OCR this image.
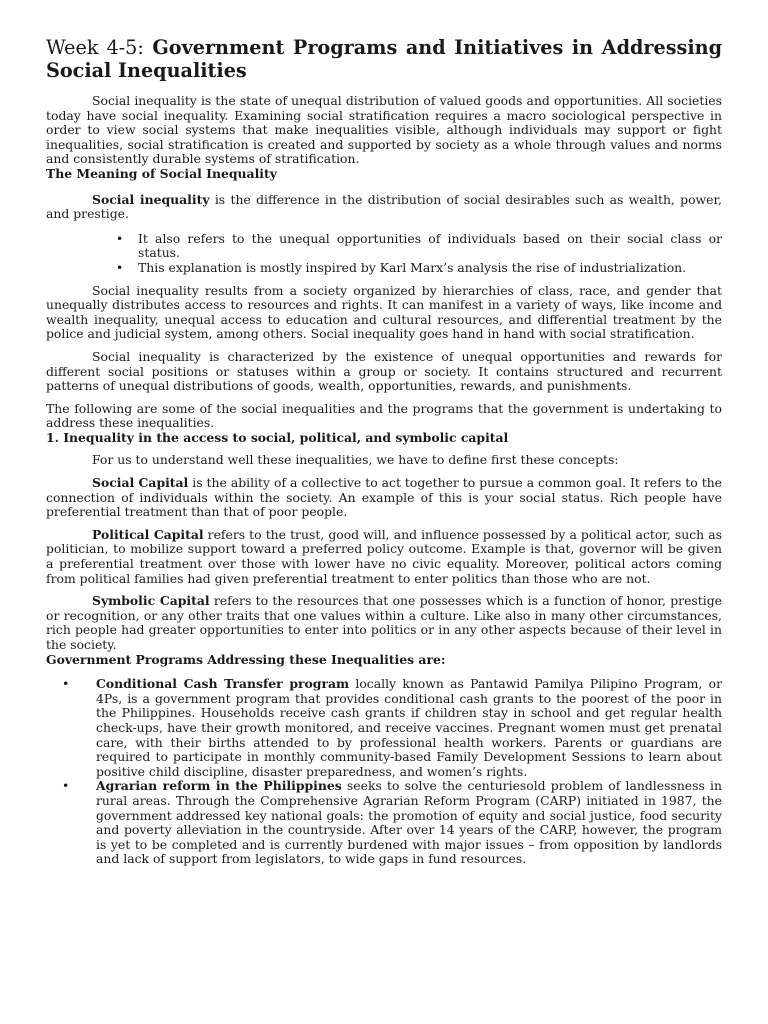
Week 4-5: Government Programs and Initiatives in Addressing Social Inequalities

Social inequality is the state of unequal distribution of valued goods and opportunities. All societies today have social inequality. Examining social stratification requires a macro sociological perspective in order to view social systems that make inequalities visible, although individuals may support or fight inequalities, social stratification is created and supported by society as a whole through values and norms and consistently durable systems of stratification.

The Meaning of Social Inequality

Social inequality is the difference in the distribution of social desirables such as wealth, power, and prestige.

• It also refers to the unequal opportunities of individuals based on their social class or status.
• This explanation is mostly inspired by Karl Marx’s analysis the rise of industrialization.

Social inequality results from a society organized by hierarchies of class, race, and gender that unequally distributes access to resources and rights. It can manifest in a variety of ways, like income and wealth inequality, unequal access to education and cultural resources, and differential treatment by the police and judicial system, among others. Social inequality goes hand in hand with social stratification.

Social inequality is characterized by the existence of unequal opportunities and rewards for different social positions or statuses within a group or society. It contains structured and recurrent patterns of unequal distributions of goods, wealth, opportunities, rewards, and punishments.

The following are some of the social inequalities and the programs that the government is undertaking to address these inequalities.

1. Inequality in the access to social, political, and symbolic capital

For us to understand well these inequalities, we have to define first these concepts:

Social Capital is the ability of a collective to act together to pursue a common goal. It refers to the connection of individuals within the society. An example of this is your social status. Rich people have preferential treatment than that of poor people.

Political Capital refers to the trust, good will, and influence possessed by a political actor, such as politician, to mobilize support toward a preferred policy outcome. Example is that, governor will be given a preferential treatment over those with lower have no civic equality. Moreover, political actors coming from political families had given preferential treatment to enter politics than those who are not.

Symbolic Capital refers to the resources that one possesses which is a function of honor, prestige or recognition, or any other traits that one values within a culture. Like also in many other circumstances, rich people had greater opportunities to enter into politics or in any other aspects because of their level in the society.

Government Programs Addressing these Inequalities are:

• Conditional Cash Transfer program locally known as Pantawid Pamilya Pilipino Program, or 4Ps, is a government program that provides conditional cash grants to the poorest of the poor in the Philippines. Households receive cash grants if children stay in school and get regular health check-ups, have their growth monitored, and receive vaccines. Pregnant women must get prenatal care, with their births attended to by professional health workers. Parents or guardians are required to participate in monthly community-based Family Development Sessions to learn about positive child discipline, disaster preparedness, and women’s rights.
• Agrarian reform in the Philippines seeks to solve the centuriesold problem of landlessness in rural areas. Through the Comprehensive Agrarian Reform Program (CARP) initiated in 1987, the government addressed key national goals: the promotion of equity and social justice, food security and poverty alleviation in the countryside. After over 14 years of the CARP, however, the program is yet to be completed and is currently burdened with major issues – from opposition by landlords and lack of support from legislators, to wide gaps in fund resources.
